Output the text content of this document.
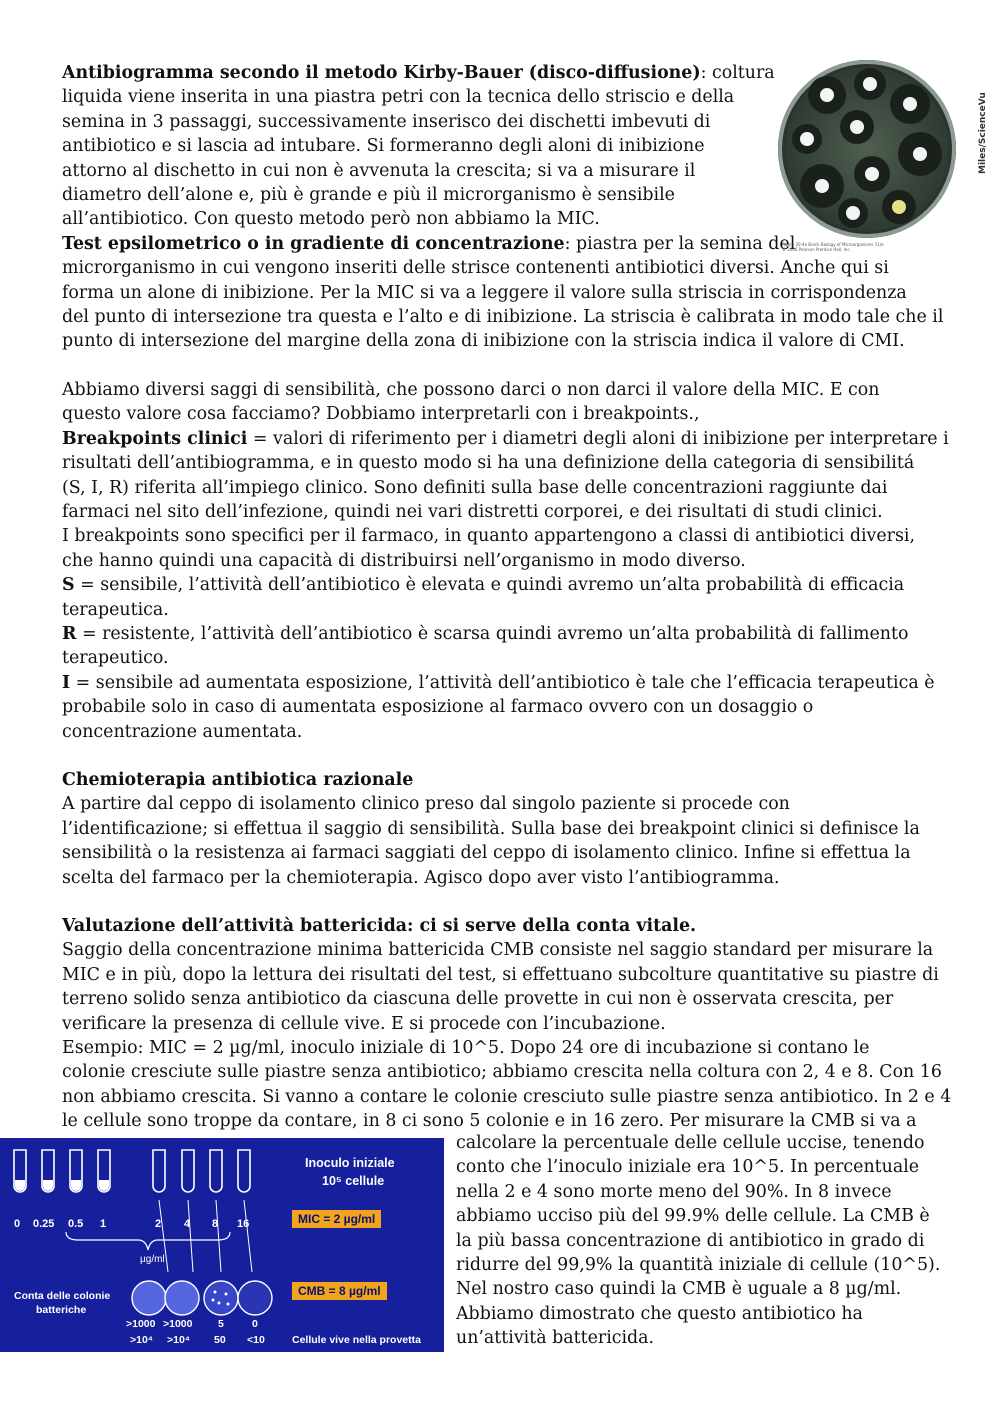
Antibiogramma secondo il metodo Kirby-Bauer (disco-diffusione): coltura

liquida viene inserita in una piastra petri con la tecnica dello striscio e della

semina in 3 passaggi, successivamente inserisco dei dischetti imbevuti di

antibiotico e si lascia ad intubare. Si formeranno degli aloni di inibizione

attorno al dischetto in cui non è avvenuta la crescita; si va a misurare il

diametro dell’alone e, più è grande e più il microrganismo è sensibile

all’antibiotico. Con questo metodo però non abbiamo la MIC.

Test epsilometrico o in gradiente di concentrazione: piastra per la semina del

microrganismo in cui vengono inseriti delle strisce contenenti antibiotici diversi. Anche qui si

forma un alone di inibizione. Per la MIC si va a leggere il valore sulla striscia in corrispondenza

del punto di intersezione tra questa e l’alto e di inibizione. La striscia è calibrata in modo tale che il

punto di intersezione del margine della zona di inibizione con la striscia indica il valore di CMI.

Abbiamo diversi saggi di sensibilità, che possono darci o non darci il valore della MIC. E con

questo valore cosa facciamo? Dobbiamo interpretarli con i breakpoints.,

Breakpoints clinici = valori di riferimento per i diametri degli aloni di inibizione per interpretare i

risultati dell’antibiogramma, e in questo modo si ha una definizione della categoria di sensibilitá

(S, I, R) riferita all’impiego clinico. Sono definiti sulla base delle concentrazioni raggiunte dai

farmaci nel sito dell’infezione, quindi nei vari distretti corporei, e dei risultati di studi clinici.

I breakpoints sono specifici per il farmaco, in quanto appartengono a classi di antibiotici diversi,

che hanno quindi una capacità di distribuirsi nell’organismo in modo diverso.

S = sensibile, l’attività dell’antibiotico è elevata e quindi avremo un’alta probabilità di efficacia

terapeutica.

R = resistente, l’attività dell’antibiotico è scarsa quindi avremo un’alta probabilità di fallimento

terapeutico.

I = sensibile ad aumentata esposizione, l’attività dell’antibiotico è tale che l’efficacia terapeutica è

probabile solo in caso di aumentata esposizione al farmaco ovvero con un dosaggio o

concentrazione aumentata.

Chemioterapia antibiotica razionale

A partire dal ceppo di isolamento clinico preso dal singolo paziente si procede con

l’identificazione; si effettua il saggio di sensibilità. Sulla base dei breakpoint clinici si definisce la

sensibilità o la resistenza ai farmaci saggiati del ceppo di isolamento clinico. Infine si effettua la

scelta del farmaco per la chemioterapia. Agisco dopo aver visto l’antibiogramma.

Valutazione dell’attività battericida: ci si serve della conta vitale.

Saggio della concentrazione minima battericida CMB consiste nel saggio standard per misurare la

MIC e in più, dopo la lettura dei risultati del test, si effettuano subcolture quantitative su piastre di

terreno solido senza antibiotico da ciascuna delle provette in cui non è osservata crescita, per

verificare la presenza di cellule vive. E si procede con l’incubazione.

Esempio: MIC = 2 µg/ml, inoculo iniziale di 10^5. Dopo 24 ore di incubazione si contano le

colonie cresciute sulle piastre senza antibiotico; abbiamo crescita nella coltura con 2, 4 e 8. Con 16

non abbiamo crescita. Si vanno a contare le colonie cresciuto sulle piastre senza antibiotico. In 2 e 4

le cellule sono troppe da contare, in 8 ci sono 5 colonie e in 16 zero. Per misurare la CMB si va a

Figure 20-4a Brock Biology of Microorganisms 11/e
© 2006 Pearson Prentice Hall, Inc.
Miles/ScienceVu
0 0.25 0.5 1	2 4 8 16
µg/ml
Inoculo iniziale
10⁵ cellule
MIC = 2 µg/ml
CMB = 8 µg/ml
Conta delle colonie
batteriche
>1000 >1000 5	0
>10⁴ >10⁴ 50 <10	Cellule vive nella provetta

calcolare la percentuale delle cellule uccise, tenendo

conto che l’inoculo iniziale era 10^5. In percentuale

nella 2 e 4 sono morte meno del 90%. In 8 invece

abbiamo ucciso più del 99.9% delle cellule. La CMB è

la più bassa concentrazione di antibiotico in grado di

ridurre del 99,9% la quantità iniziale di cellule (10^5).

Nel nostro caso quindi la CMB è uguale a 8 µg/ml.

Abbiamo dimostrato che questo antibiotico ha

un’attività battericida.
